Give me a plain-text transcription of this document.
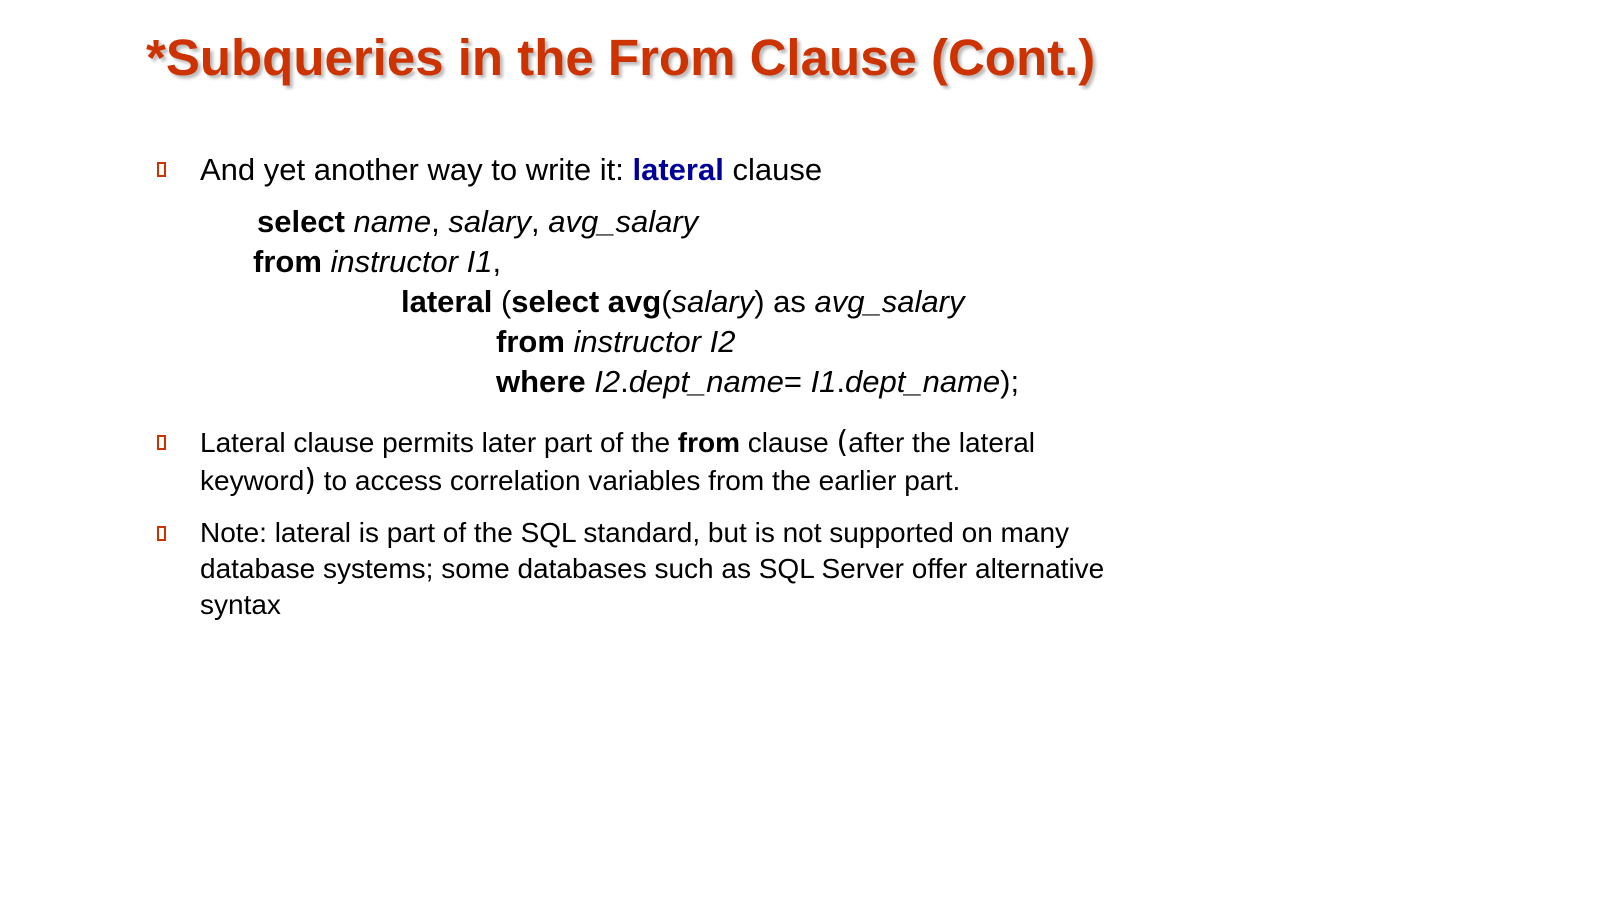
*Subqueries in the From Clause (Cont.)
And yet another way to write it: lateral clause
select name, salary, avg_salary
from instructor I1,
lateral (select avg(salary) as avg_salary
from instructor I2
where I2.dept_name= I1.dept_name);
Lateral clause permits later part of the from clause (after the lateral
keyword) to access correlation variables from the earlier part.
Note: lateral is part of the SQL standard, but is not supported on many
database systems; some databases such as SQL Server offer alternative
syntax
